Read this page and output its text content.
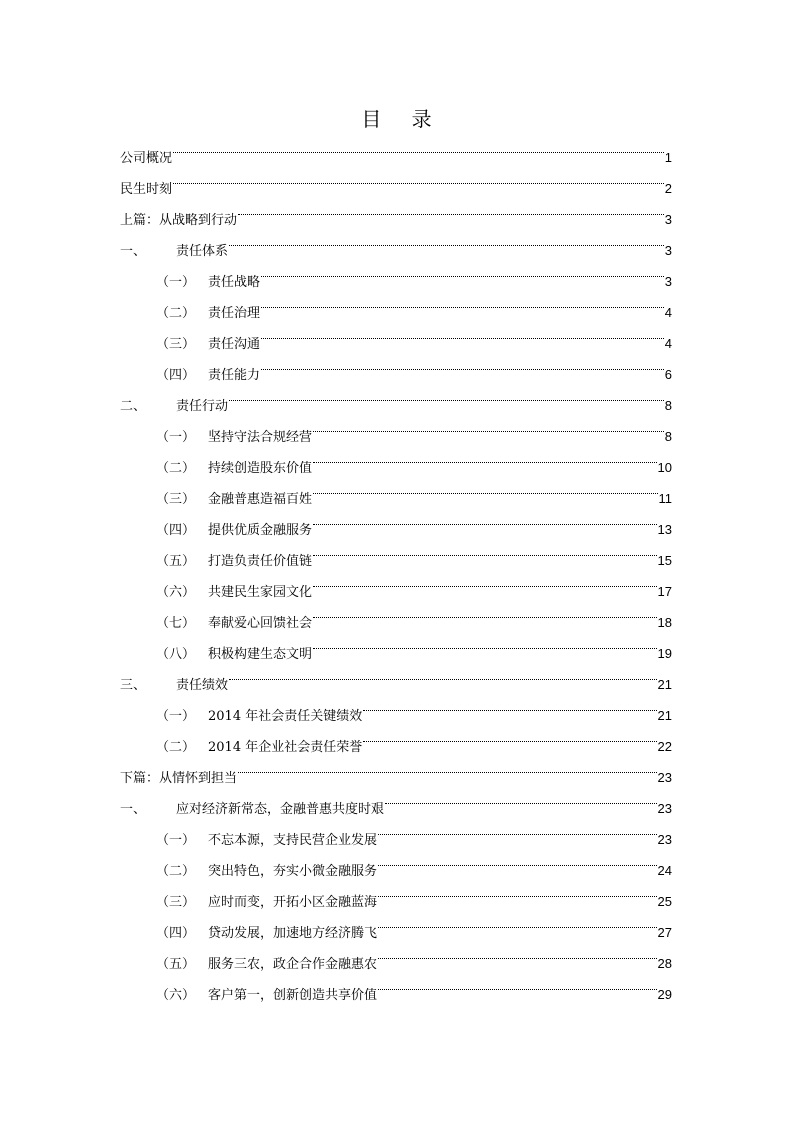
目 录
公司概况	1
民生时刻	2
上篇：从战略到行动	3
一、	责任体系	3
（一） 责任战略	3
（二） 责任治理	4
（三） 责任沟通	4
（四） 责任能力	6
二、	责任行动	8
（一） 坚持守法合规经营	8
（二） 持续创造股东价值	10
（三） 金融普惠造福百姓	11
（四） 提供优质金融服务	13
（五） 打造负责任价值链	15
（六） 共建民生家园文化	17
（七） 奉献爱心回馈社会	18
（八） 积极构建生态文明	19
三、	责任绩效	21
（一） 2014 年社会责任关键绩效	21
（二） 2014 年企业社会责任荣誉	22
下篇：从情怀到担当	23
一、	应对经济新常态，金融普惠共度时艰	23
（一） 不忘本源，支持民营企业发展	23
（二） 突出特色，夯实小微金融服务	24
（三） 应时而变，开拓小区金融蓝海	25
（四） 贷动发展，加速地方经济腾飞	27
（五） 服务三农，政企合作金融惠农	28
（六） 客户第一，创新创造共享价值	29
